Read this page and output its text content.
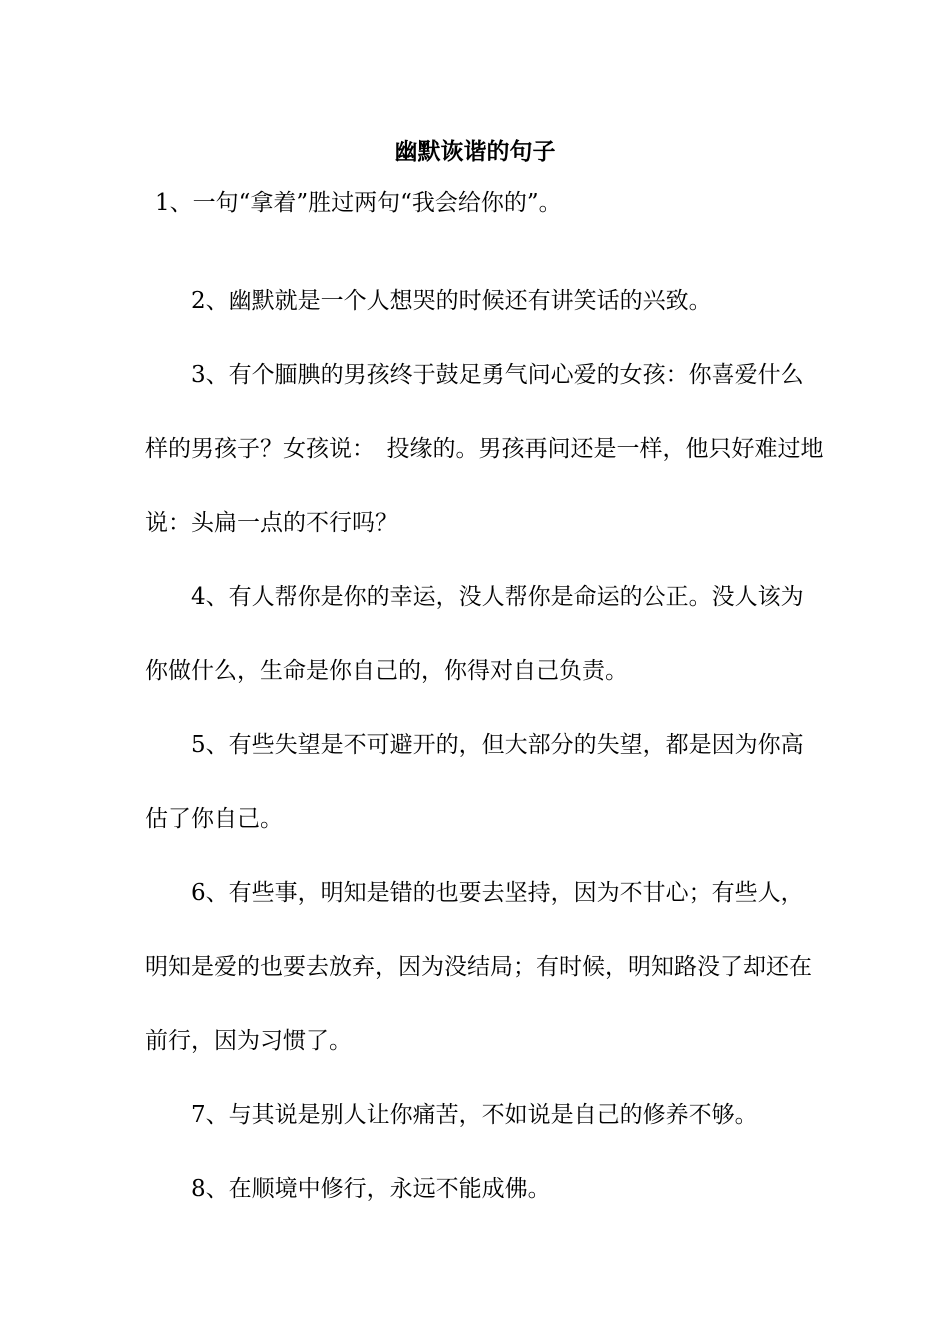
幽默诙谐的句子

1、一句“拿着”胜过两句“我会给你的”。

2、幽默就是一个人想哭的时候还有讲笑话的兴致。

3、有个腼腆的男孩终于鼓足勇气问心爱的女孩：你喜爱什么样的男孩子？女孩说：　投缘的。男孩再问还是一样，他只好难过地说：头扁一点的不行吗？

4、有人帮你是你的幸运，没人帮你是命运的公正。没人该为你做什么，生命是你自己的，你得对自己负责。

5、有些失望是不可避开的，但大部分的失望，都是因为你高估了你自己。

6、有些事，明知是错的也要去坚持，因为不甘心；有些人，明知是爱的也要去放弃，因为没结局；有时候，明知路没了却还在前行，因为习惯了。

7、与其说是别人让你痛苦，不如说是自己的修养不够。

8、在顺境中修行，永远不能成佛。
